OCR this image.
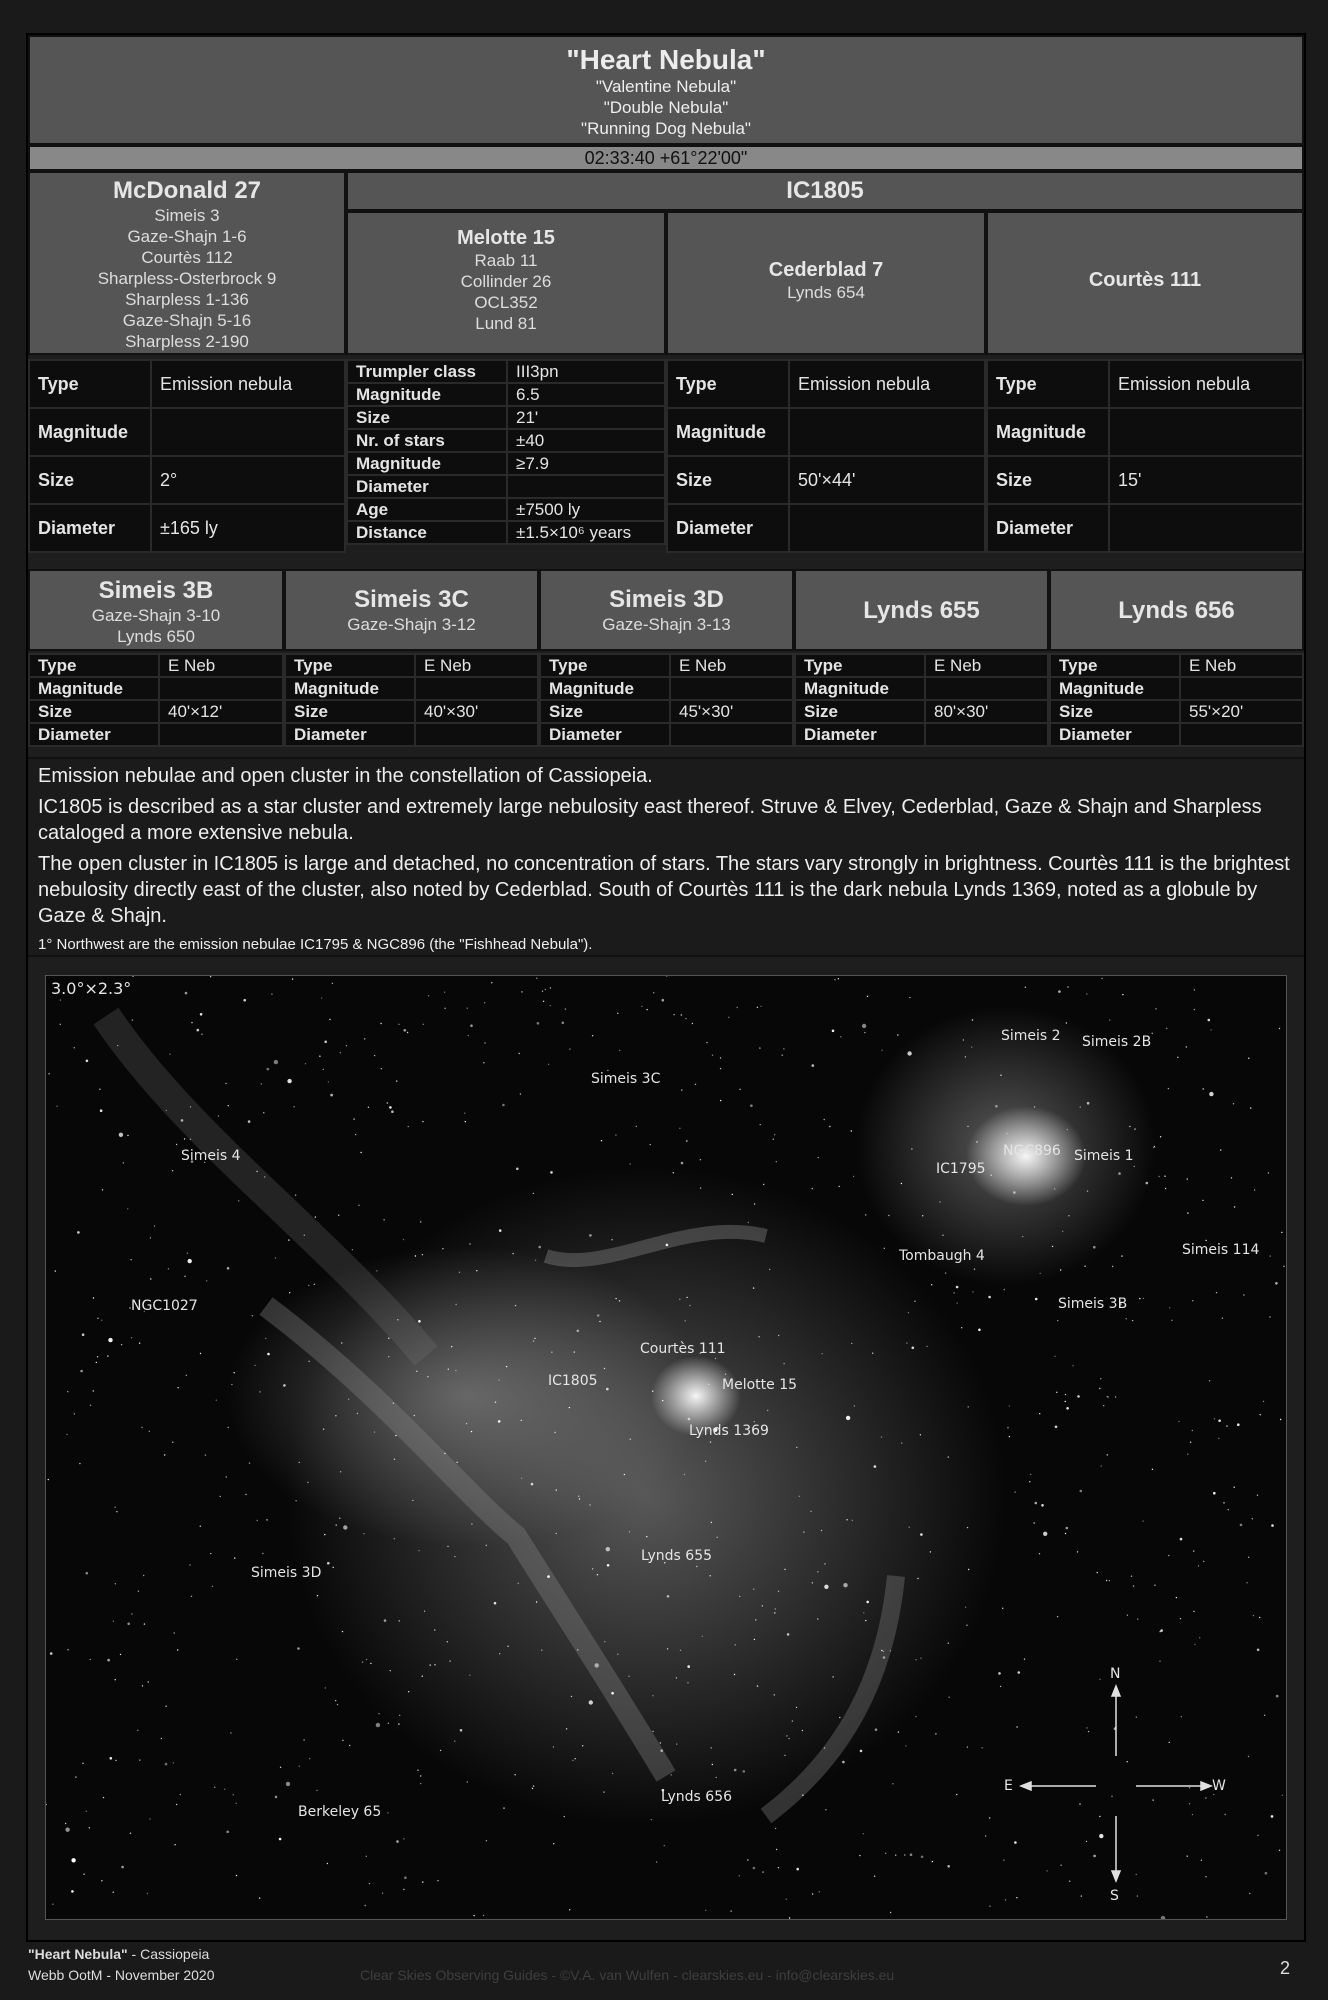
"Heart Nebula"
"Valentine Nebula"
"Double Nebula"
"Running Dog Nebula"
02:33:40 +61°22'00"
McDonald 27
Simeis 3
Gaze-Shajn 1-6
Courtès 112
Sharpless-Osterbrock 9
Sharpless 1-136
Gaze-Shajn 5-16
Sharpless 2-190
IC1805
Melotte 15
Raab 11
Collinder 26
OCL352
Lund 81
Cederblad 7
Lynds 654
Courtès 111
Type	Emission nebula
Magnitude	
Size	2°
Diameter	±165 ly
Trumpler class	III3pn
Magnitude	6.5
Size	21'
Nr. of stars	±40
Magnitude	≥7.9
Diameter	
Age	±7500 ly
Distance	±1.5×10⁶ years
Type	Emission nebula
Magnitude	
Size	50'×44'
Diameter	
Type	Emission nebula
Magnitude	
Size	15'
Diameter	
Simeis 3B
Gaze-Shajn 3-10
Lynds 650
Simeis 3C
Gaze-Shajn 3-12
Simeis 3D
Gaze-Shajn 3-13
Lynds 655	Lynds 656
Type	E Neb
Magnitude	
Size	40'×12'
Diameter	
Type	E Neb
Magnitude	
Size	40'×30'
Diameter	
Type	E Neb
Magnitude	
Size	45'×30'
Diameter	
Type	E Neb
Magnitude	
Size	80'×30'
Diameter	
Type	E Neb
Magnitude	
Size	55'×20'
Diameter	

Emission nebulae and open cluster in the constellation of Cassiopeia.

IC1805 is described as a star cluster and extremely large nebulosity east thereof. Struve & Elvey, Cederblad, Gaze & Shajn and Sharpless cataloged a more extensive nebula.

The open cluster in IC1805 is large and detached, no concentration of stars. The stars vary strongly in brightness. Courtès 111 is the brightest nebulosity directly east of the cluster, also noted by Cederblad. South of Courtès 111 is the dark nebula Lynds 1369, noted as a globule by Gaze & Shajn.

1° Northwest are the emission nebulae IC1795 & NGC896 (the "Fishhead Nebula").

3.0°×2.3°
Simeis 2 Simeis 2B
Simeis 3C
Simeis 4	NGC896 Simeis 1
IC1795
Tombaugh 4	Simeis 114
NGC1027	Simeis 3B
Courtès 111
IC1805	Melotte 15
Lynds 1369
Lynds 655
Simeis 3D
Lynds 656
Berkeley 65
N
E	W
S
"Heart Nebula" - Cassiopeia
Webb OotM - November 2020	Clear Skies Observing Guides - ©V.A. van Wulfen - clearskies.eu - info@clearskies.eu	2
